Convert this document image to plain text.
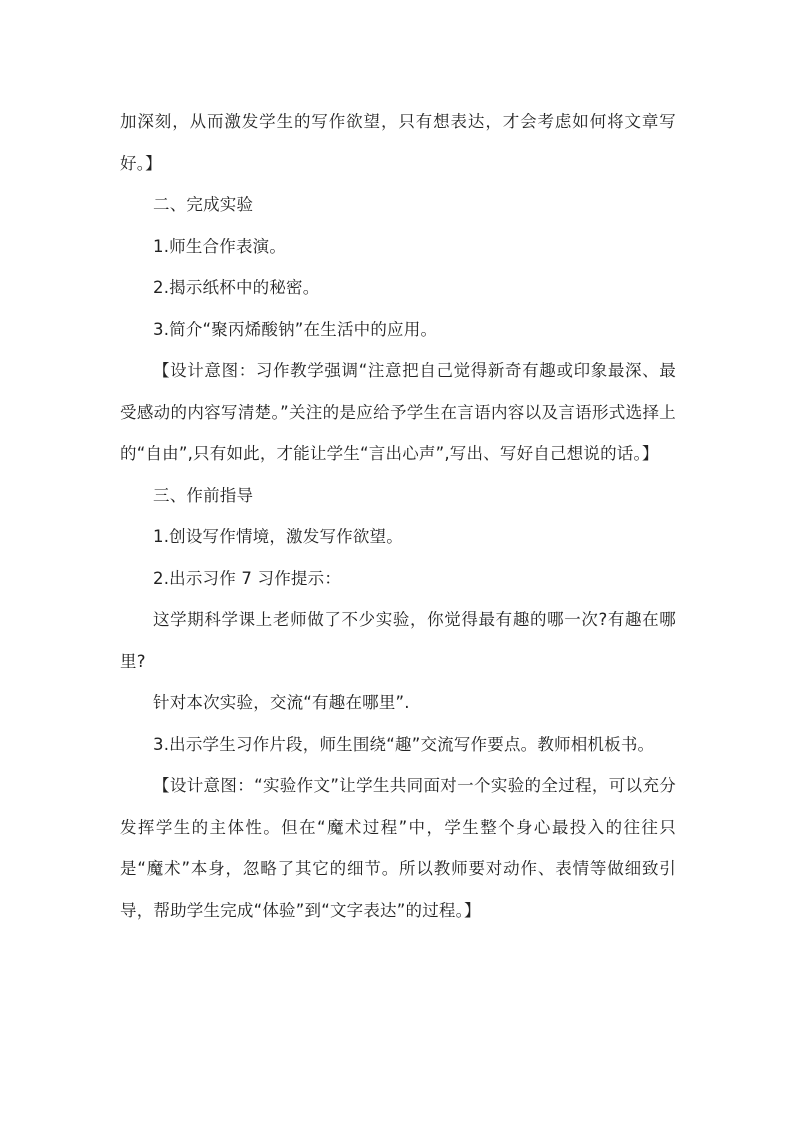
加深刻，从而激发学生的写作欲望，只有想表达，才会考虑如何将文章写好。】

二、完成实验

1.师生合作表演。

2.揭示纸杯中的秘密。

3.简介“聚丙烯酸钠”在生活中的应用。

【设计意图：习作教学强调“注意把自己觉得新奇有趣或印象最深、最受感动的内容写清楚。”关注的是应给予学生在言语内容以及言语形式选择上的“自由”,只有如此，才能让学生“言出心声”,写出、写好自己想说的话。】

三、作前指导

1.创设写作情境，激发写作欲望。

2.出示习作 7 习作提示：

这学期科学课上老师做了不少实验，你觉得最有趣的哪一次?有趣在哪里?

针对本次实验，交流“有趣在哪里”.

3.出示学生习作片段，师生围绕“趣”交流写作要点。教师相机板书。

【设计意图：“实验作文”让学生共同面对一个实验的全过程，可以充分发挥学生的主体性。但在“魔术过程”中，学生整个身心最投入的往往只是“魔术”本身，忽略了其它的细节。所以教师要对动作、表情等做细致引导，帮助学生完成“体验”到“文字表达”的过程。】
